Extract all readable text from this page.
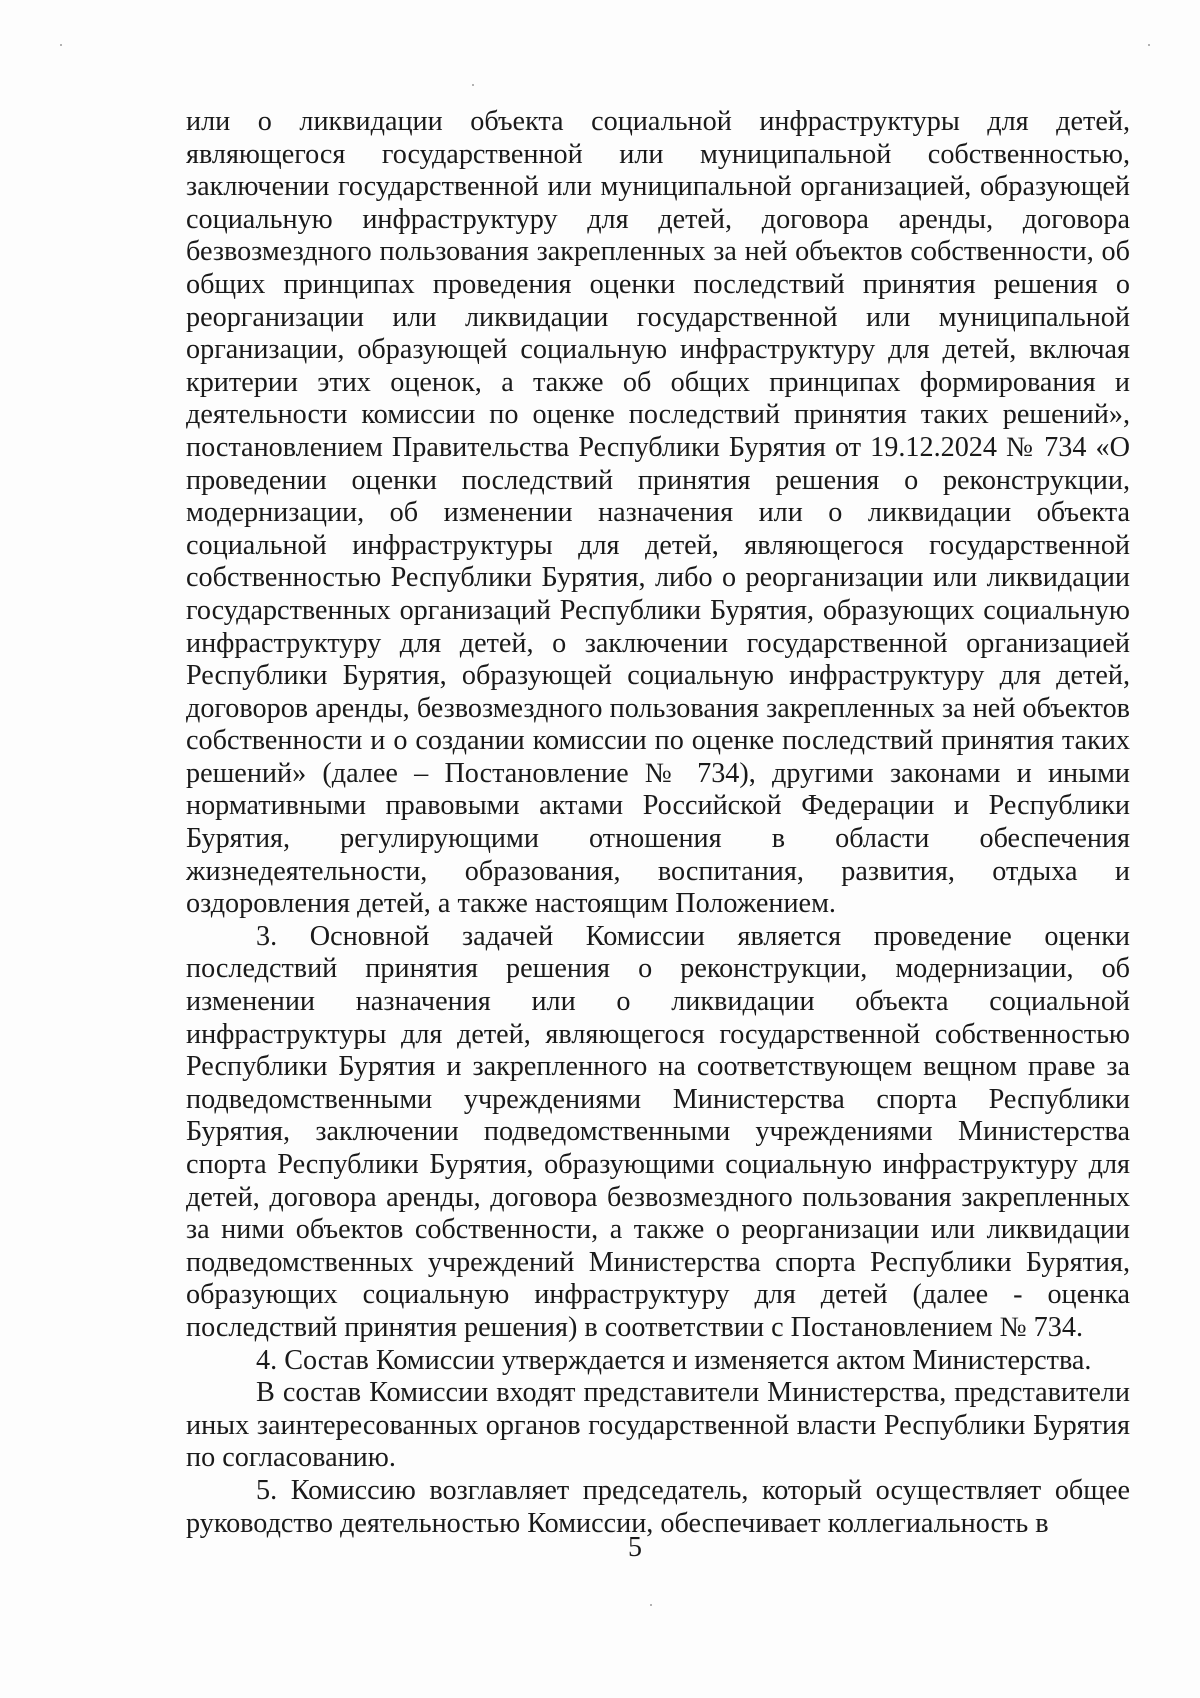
или о ликвидации объекта социальной инфраструктуры для детей, являющегося государственной или муниципальной собственностью, заключении государственной или муниципальной организацией, образующей социальную инфраструктуру для детей, договора аренды, договора безвозмездного пользования закрепленных за ней объектов собственности, об общих принципах проведения оценки последствий принятия решения о реорганизации или ликвидации государственной или муниципальной организации, образующей социальную инфраструктуру для детей, включая критерии этих оценок, а также об общих принципах формирования и деятельности комиссии по оценке последствий принятия таких решений», постановлением Правительства Республики Бурятия от 19.12.2024 № 734 «О проведении оценки последствий принятия решения о реконструкции, модернизации, об изменении назначения или о ликвидации объекта социальной инфраструктуры для детей, являющегося государственной собственностью Республики Бурятия, либо о реорганизации или ликвидации государственных организаций Республики Бурятия, образующих социальную инфраструктуру для детей, о заключении государственной организацией Республики Бурятия, образующей социальную инфраструктуру для детей, договоров аренды, безвозмездного пользования закрепленных за ней объектов собственности и о создании комиссии по оценке последствий принятия таких решений» (далее – Постановление № 734), другими законами и иными нормативными правовыми актами Российской Федерации и Республики Бурятия, регулирующими отношения в области обеспечения жизнедеятельности, образования, воспитания, развития, отдыха и оздоровления детей, а также настоящим Положением.

3. Основной задачей Комиссии является проведение оценки последствий принятия решения о реконструкции, модернизации, об изменении назначения или о ликвидации объекта социальной инфраструктуры для детей, являющегося государственной собственностью Республики Бурятия и закрепленного на соответствующем вещном праве за подведомственными учреждениями Министерства спорта Республики Бурятия, заключении подведомственными учреждениями Министерства спорта Республики Бурятия, образующими социальную инфраструктуру для детей, договора аренды, договора безвозмездного пользования закрепленных за ними объектов собственности, а также о реорганизации или ликвидации подведомственных учреждений Министерства спорта Республики Бурятия, образующих социальную инфраструктуру для детей (далее - оценка последствий принятия решения) в соответствии с Постановлением № 734.

4. Состав Комиссии утверждается и изменяется актом Министерства.

В состав Комиссии входят представители Министерства, представители иных заинтересованных органов государственной власти Республики Бурятия по согласованию.

5. Комиссию возглавляет председатель, который осуществляет общее руководство деятельностью Комиссии, обеспечивает коллегиальность в

5
